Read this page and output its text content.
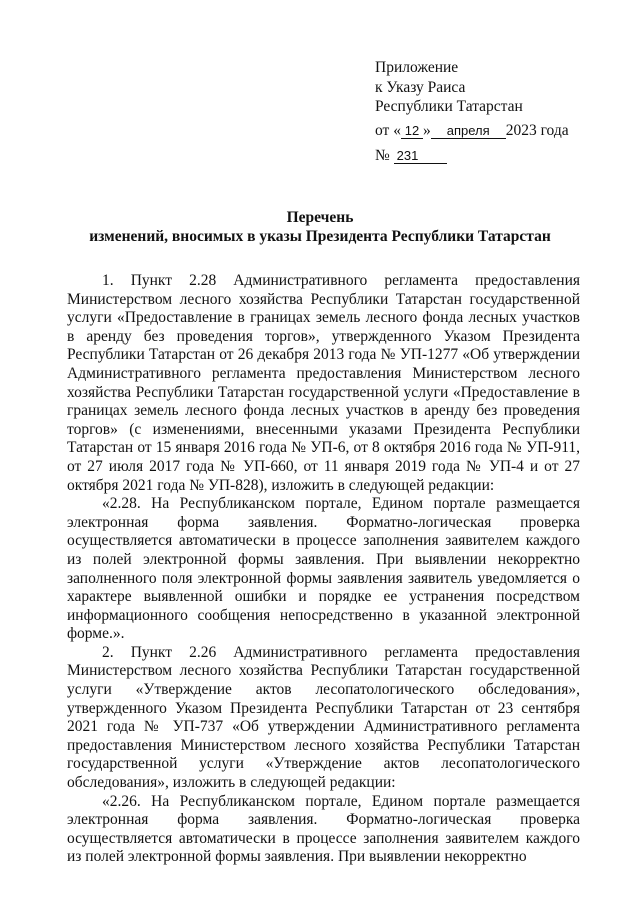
Приложение
к Указу Раиса
Республики Татарстан
от « 12 » апреля 2023 года
№ 231
Перечень
изменений, вносимых в указы Президента Республики Татарстан

1. Пункт 2.28 Административного регламента предоставления Министерством лесного хозяйства Республики Татарстан государственной услуги «Предоставление в границах земель лесного фонда лесных участков в аренду без проведения торгов», утвержденного Указом Президента Республики Татарстан от 26 декабря 2013 года № УП-1277 «Об утверждении Административного регламента предоставления Министерством лесного хозяйства Республики Татарстан государственной услуги «Предоставление в границах земель лесного фонда лесных участков в аренду без проведения торгов» (с изменениями, внесенными указами Президента Республики Татарстан от 15 января 2016 года № УП-6, от 8 октября 2016 года № УП-911, от 27 июля 2017 года № УП-660, от 11 января 2019 года № УП-4 и от 27 октября 2021 года № УП-828), изложить в следующей редакции:

«2.28. На Республиканском портале, Едином портале размещается электронная форма заявления. Форматно-логическая проверка осуществляется автоматически в процессе заполнения заявителем каждого из полей электронной формы заявления. При выявлении некорректно заполненного поля электронной формы заявления заявитель уведомляется о характере выявленной ошибки и порядке ее устранения посредством информационного сообщения непосредственно в указанной электронной форме.».

2. Пункт 2.26 Административного регламента предоставления Министерством лесного хозяйства Республики Татарстан государственной услуги «Утверждение актов лесопатологического обследования», утвержденного Указом Президента Республики Татарстан от 23 сентября 2021 года № УП-737 «Об утверждении Административного регламента предоставления Министерством лесного хозяйства Республики Татарстан государственной услуги «Утверждение актов лесопатологического обследования», изложить в следующей редакции:

«2.26. На Республиканском портале, Едином портале размещается электронная форма заявления. Форматно-логическая проверка осуществляется автоматически в процессе заполнения заявителем каждого из полей электронной формы заявления. При выявлении некорректно
